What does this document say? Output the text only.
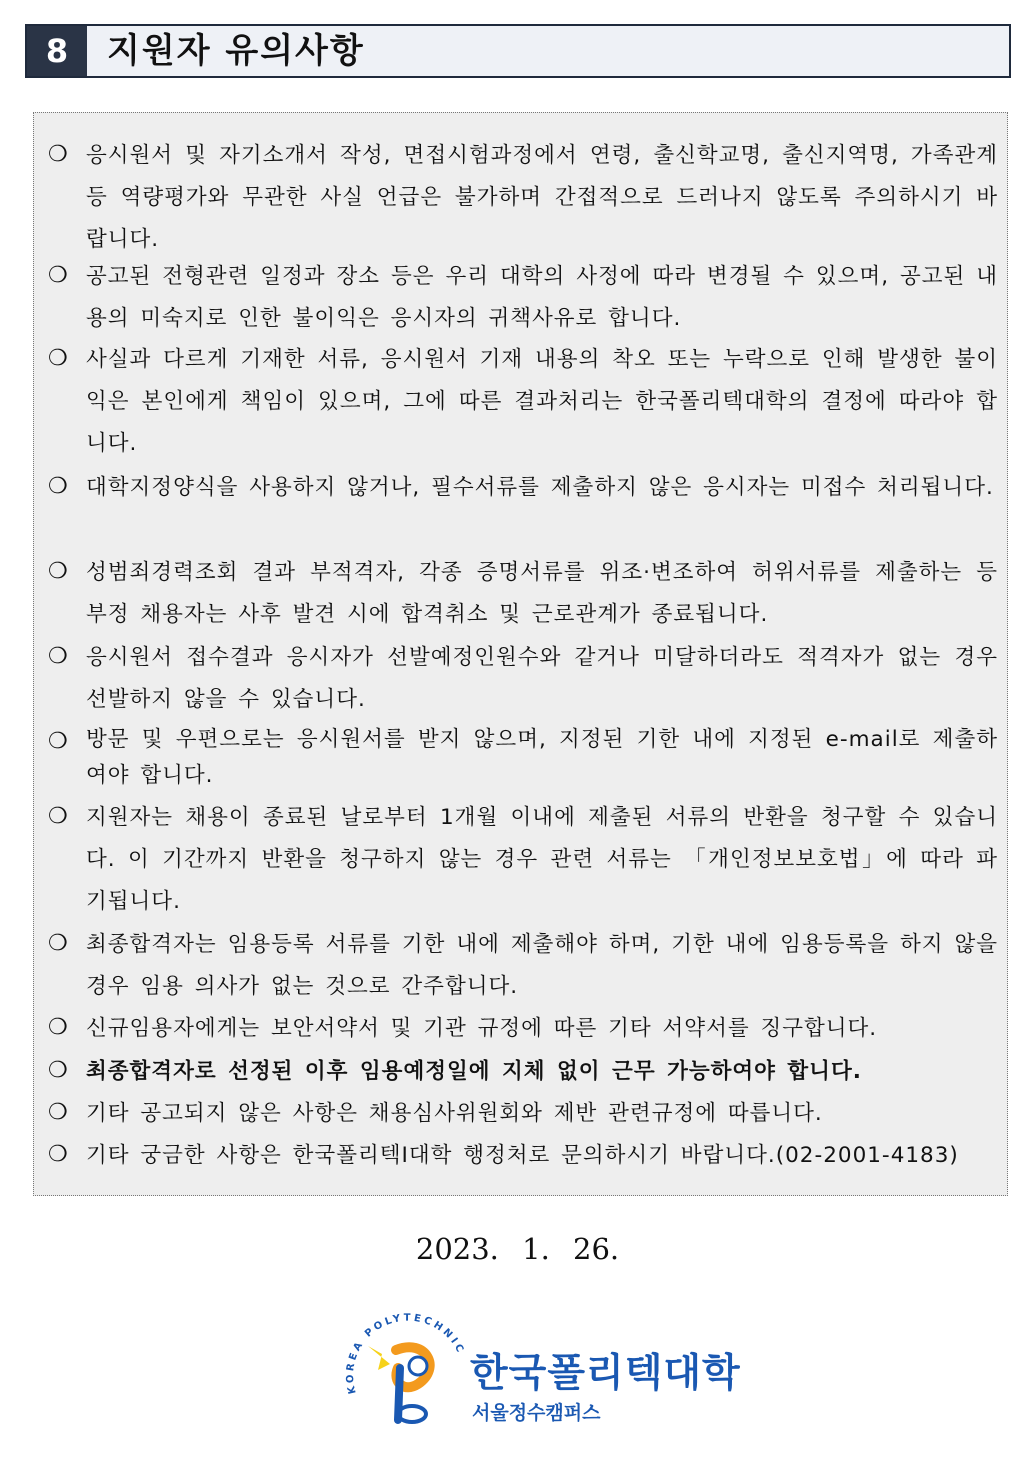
8	지원자 유의사항
❍ 응시원서 및 자기소개서 작성, 면접시험과정에서 연령, 출신학교명, 출신지역명, 가족관계 등 역량평가와 무관한 사실 언급은 불가하며 간접적으로 드러나지 않도록 주의하시기 바랍니다.
❍ 공고된 전형관련 일정과 장소 등은 우리 대학의 사정에 따라 변경될 수 있으며, 공고된 내용의 미숙지로 인한 불이익은 응시자의 귀책사유로 합니다.
❍ 사실과 다르게 기재한 서류, 응시원서 기재 내용의 착오 또는 누락으로 인해 발생한 불이익은 본인에게 책임이 있으며, 그에 따른 결과처리는 한국폴리텍대학의 결정에 따라야 합니다.
❍ 대학지정양식을 사용하지 않거나, 필수서류를 제출하지 않은 응시자는 미접수 처리됩니다.
❍ 성범죄경력조회 결과 부적격자, 각종 증명서류를 위조·변조하여 허위서류를 제출하는 등 부정 채용자는 사후 발견 시에 합격취소 및 근로관계가 종료됩니다.
❍ 응시원서 접수결과 응시자가 선발예정인원수와 같거나 미달하더라도 적격자가 없는 경우 선발하지 않을 수 있습니다.
❍ 방문 및 우편으로는 응시원서를 받지 않으며, 지정된 기한 내에 지정된 e-mail로 제출하여야 합니다.
❍ 지원자는 채용이 종료된 날로부터 1개월 이내에 제출된 서류의 반환을 청구할 수 있습니다. 이 기간까지 반환을 청구하지 않는 경우 관련 서류는 「개인정보보호법」에 따라 파기됩니다.
❍ 최종합격자는 임용등록 서류를 기한 내에 제출해야 하며, 기한 내에 임용등록을 하지 않을 경우 임용 의사가 없는 것으로 간주합니다.
❍ 신규임용자에게는 보안서약서 및 기관 규정에 따른 기타 서약서를 징구합니다.
❍ 최종합격자로 선정된 이후 임용예정일에 지체 없이 근무 가능하여야 합니다.
❍ 기타 공고되지 않은 사항은 채용심사위원회와 제반 관련규정에 따릅니다.
❍ 기타 궁금한 사항은 한국폴리텍I대학 행정처로 문의하시기 바랍니다.(02-2001-4183)
2023. 1. 26.
KOREA POLYTECHNIC
한국폴리텍대학
서울정수캠퍼스
